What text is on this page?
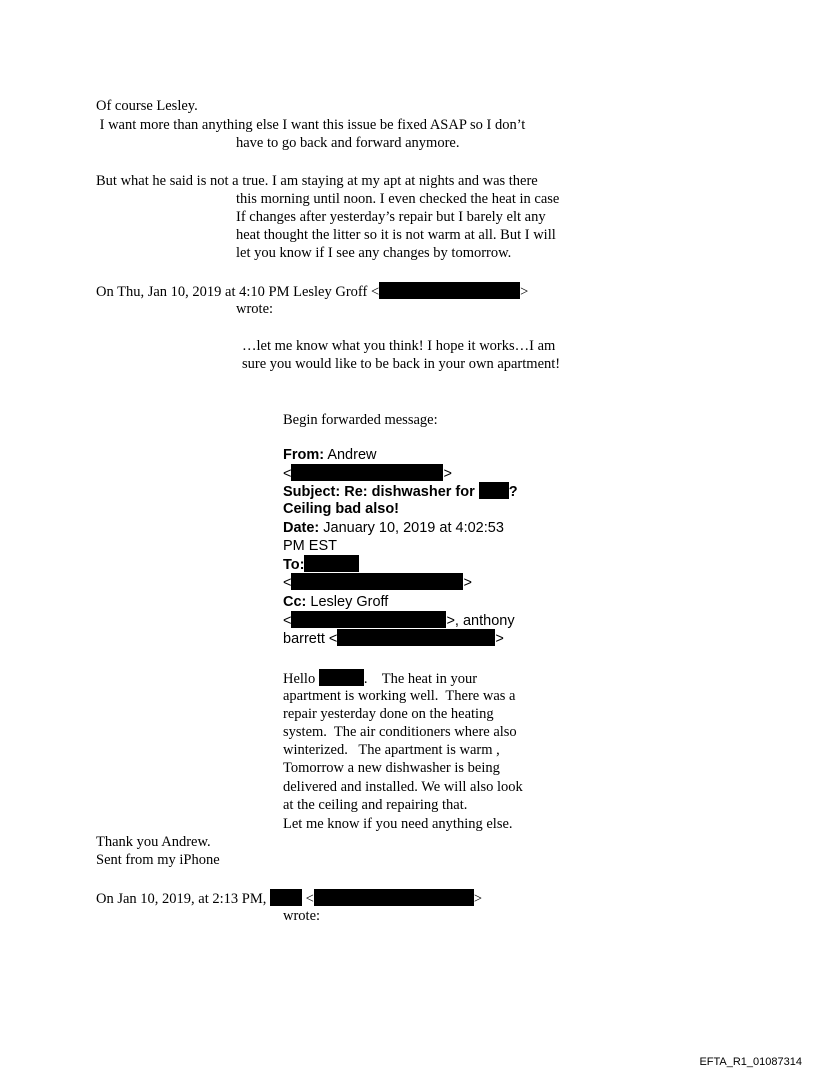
Of course Lesley.
I want more than anything else I want this issue be fixed ASAP so I don’t
have to go back and forward anymore.
But what he said is not a true. I am staying at my apt at nights and was there
this morning until noon. I even checked the heat in case
If changes after yesterday’s repair but I barely elt any
heat thought the litter so it is not warm at all. But I will
let you know if I see any changes by tomorrow.
On Thu, Jan 10, 2019 at 4:10 PM Lesley Groff <	>
wrote:
…let me know what you think! I hope it works…I am
sure you would like to be back in your own apartment!
Begin forwarded message:
From: Andrew
<	>
Subject: Re: dishwasher for ?
Ceiling bad also!
Date: January 10, 2019 at 4:02:53
PM EST
To:
<	>
Cc: Lesley Groff
<	>, anthony
barrett <	>
Hello	.    The heat in your
apartment is working well.  There was a
repair yesterday done on the heating
system.  The air conditioners where also
winterized.   The apartment is warm ,
Tomorrow a new dishwasher is being
delivered and installed. We will also look
at the ceiling and repairing that.
Let me know if you need anything else.
Thank you Andrew.
Sent from my iPhone
On Jan 10, 2019, at 2:13 PM,  <	>
wrote:
EFTA_R1_01087314
